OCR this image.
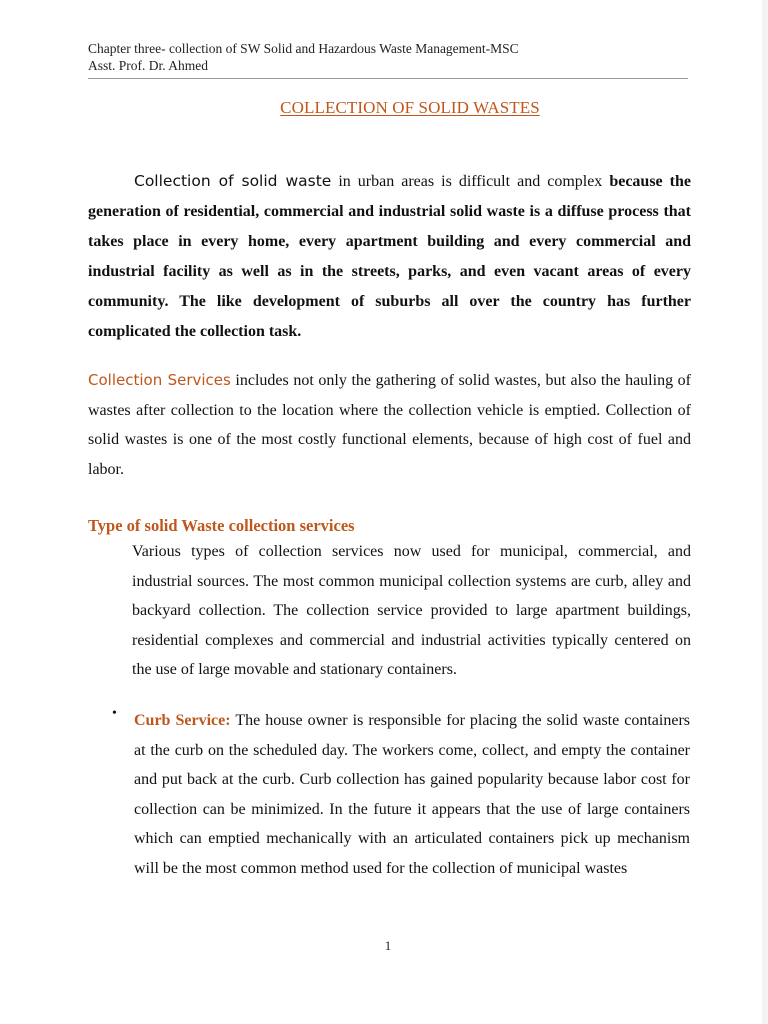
Chapter three- collection of SW Solid and Hazardous Waste Management-MSC
Asst. Prof. Dr. Ahmed
COLLECTION OF SOLID WASTES
Collection of solid waste in urban areas is difficult and complex because the generation of residential, commercial and industrial solid waste is a diffuse process that takes place in every home, every apartment building and every commercial and industrial facility as well as in the streets, parks, and even vacant areas of every community. The like development of suburbs all over the country has further complicated the collection task.
Collection Services includes not only the gathering of solid wastes, but also the hauling of wastes after collection to the location where the collection vehicle is emptied. Collection of solid wastes is one of the most costly functional elements, because of high cost of fuel and labor.
Type of solid Waste collection services
Various types of collection services now used for municipal, commercial, and industrial sources. The most common municipal collection systems are curb, alley and backyard collection. The collection service provided to large apartment buildings, residential complexes and commercial and industrial activities typically centered on the use of large movable and stationary containers.
• Curb Service: The house owner is responsible for placing the solid waste containers at the curb on the scheduled day. The workers come, collect, and empty the container and put back at the curb. Curb collection has gained popularity because labor cost for collection can be minimized. In the future it appears that the use of large containers which can emptied mechanically with an articulated containers pick up mechanism will be the most common method used for the collection of municipal wastes
1
